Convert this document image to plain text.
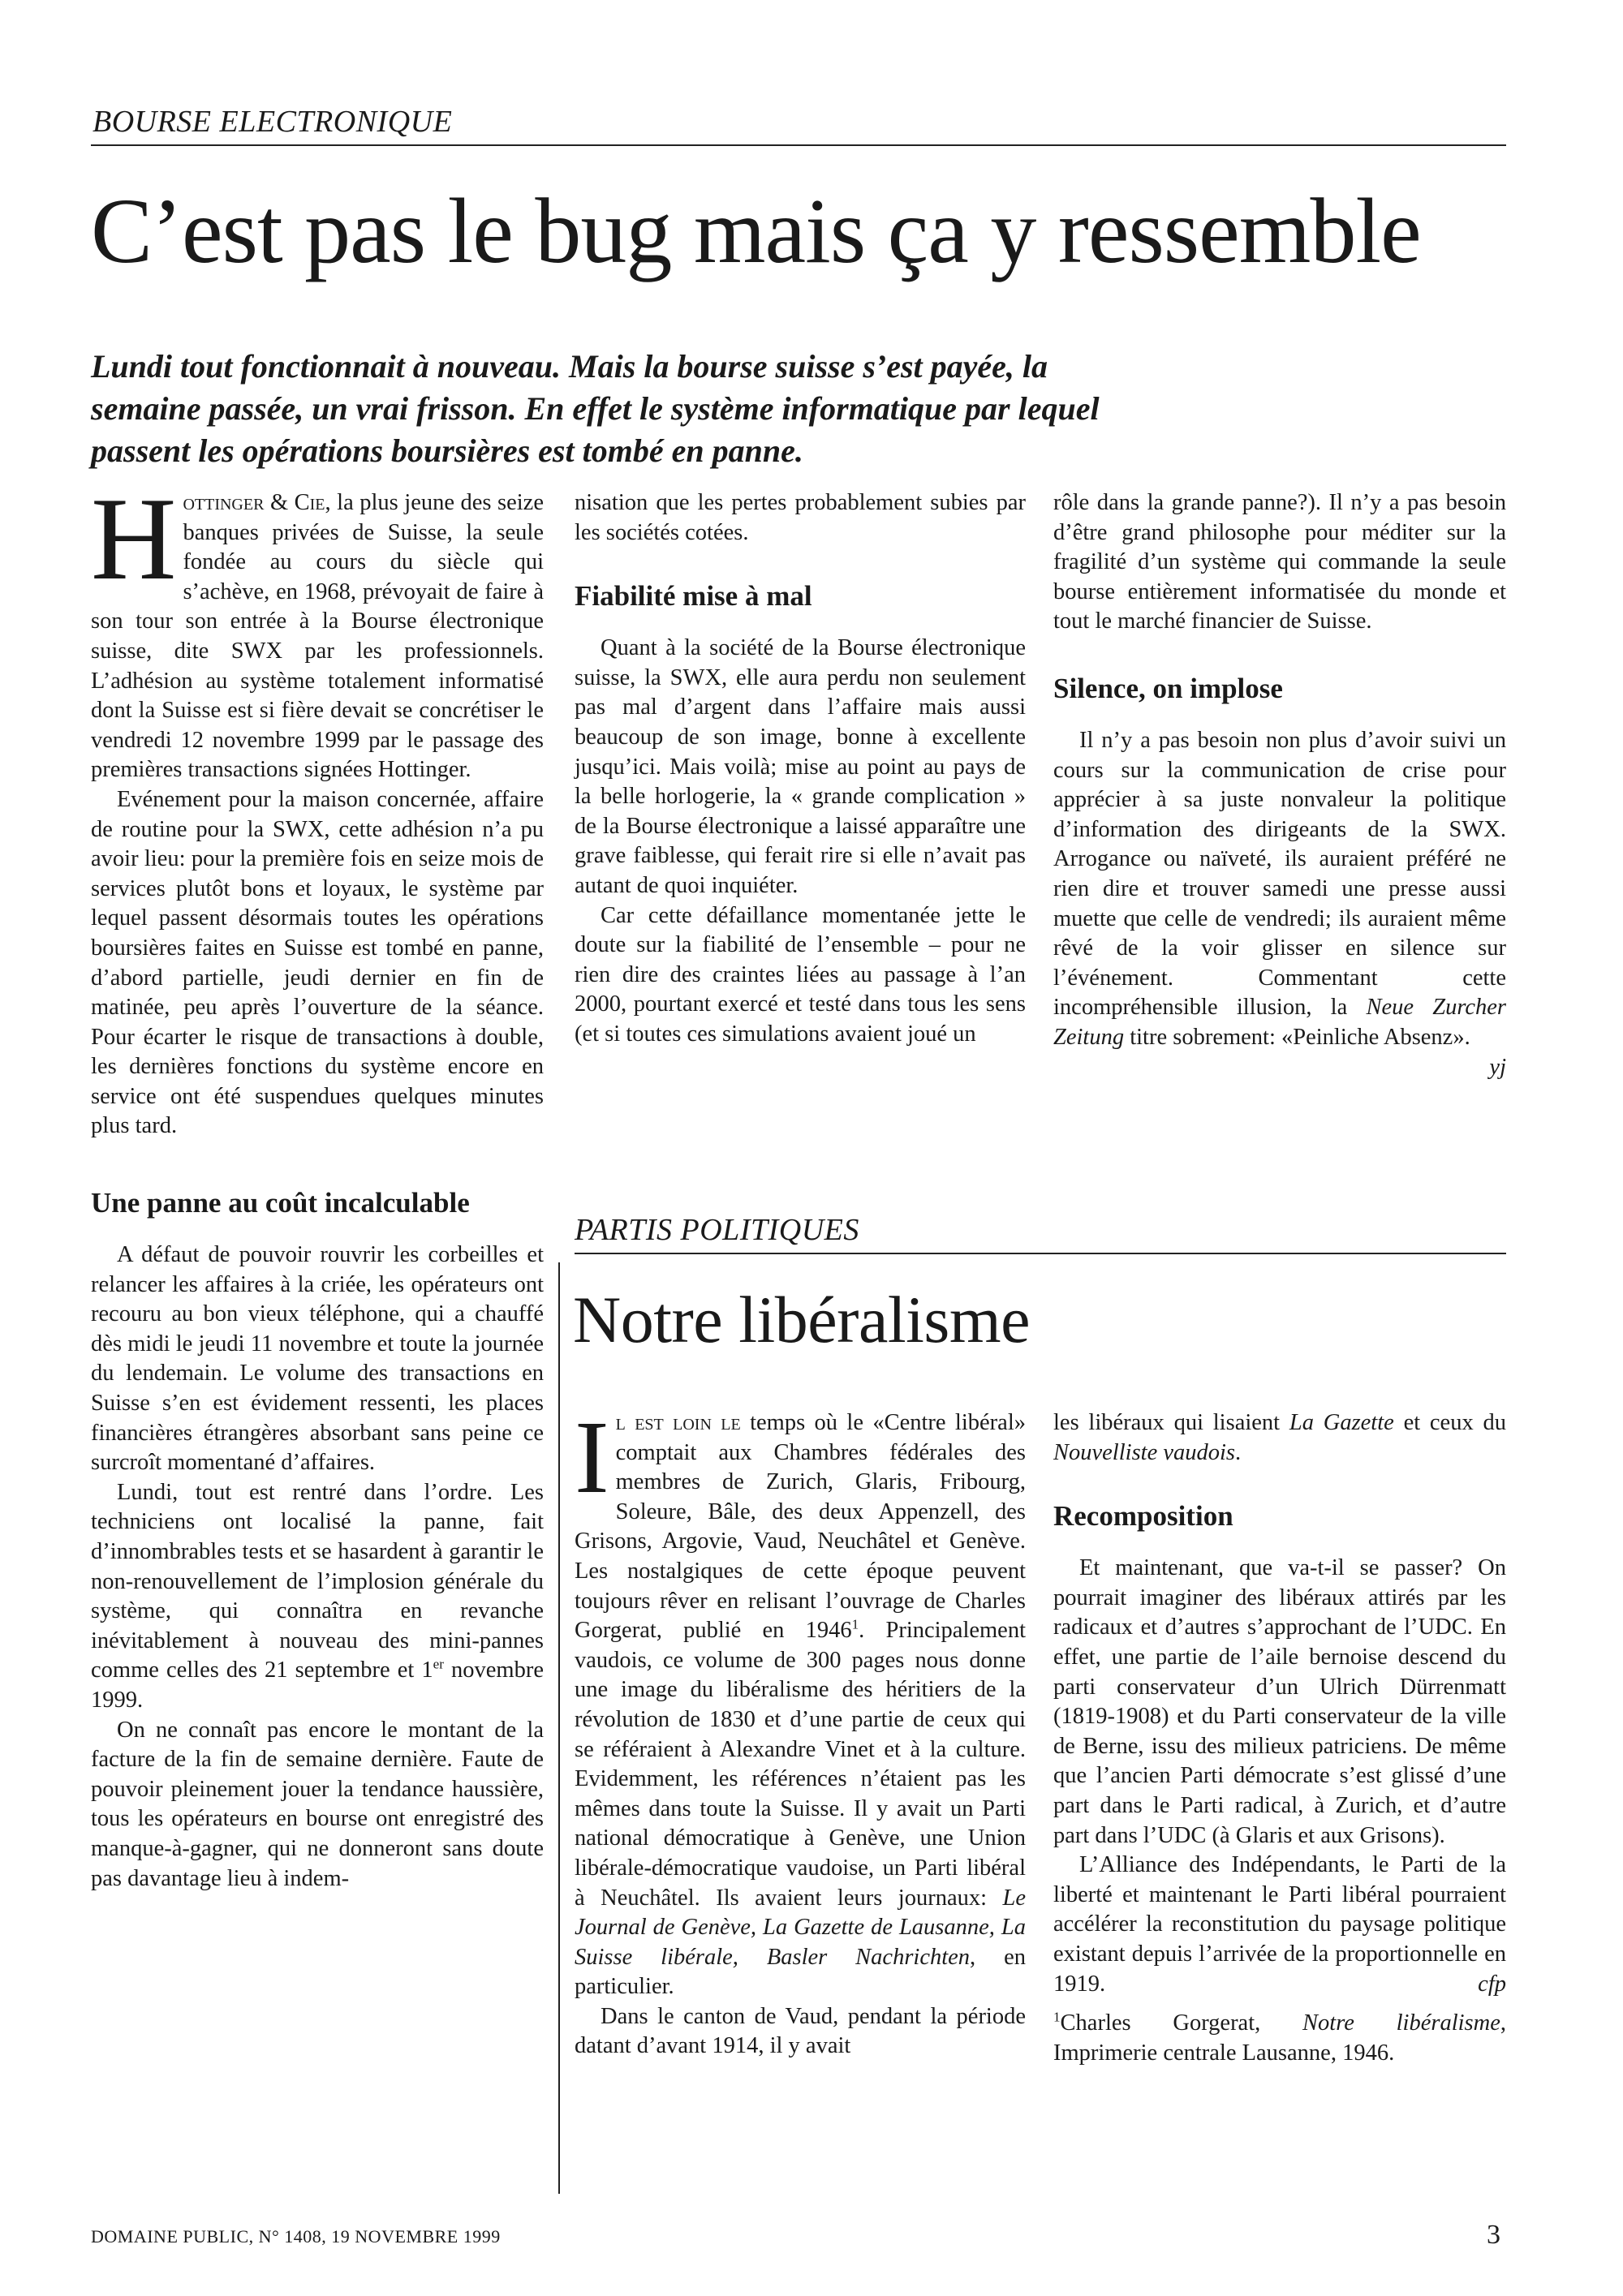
BOURSE ELECTRONIQUE
C’est pas le bug mais ça y ressemble
Lundi tout fonctionnait à nouveau. Mais la bourse suisse s’est payée, la
semaine passée, un vrai frisson. En effet le système informatique par lequel
passent les opérations boursières est tombé en panne.

Hottinger & Cie, la plus jeune des seize banques privées de Suisse, la seule fondée au cours du siècle qui s’achève, en 1968, prévoyait de faire à son tour son entrée à la Bourse électronique suisse, dite SWX par les professionnels. L’adhésion au système totalement informatisé dont la Suisse est si fière devait se concrétiser le vendredi 12 novembre 1999 par le passage des premières transactions signées Hottinger.

Evénement pour la maison concernée, affaire de routine pour la SWX, cette adhésion n’a pu avoir lieu: pour la première fois en seize mois de services plutôt bons et loyaux, le système par lequel passent désormais toutes les opérations boursières faites en Suisse est tombé en panne, d’abord partielle, jeudi dernier en fin de matinée, peu après l’ouverture de la séance. Pour écarter le risque de transactions à double, les dernières fonctions du système encore en service ont été suspendues quelques minutes plus tard.

Une panne au coût incalculable

A défaut de pouvoir rouvrir les corbeilles et relancer les affaires à la criée, les opérateurs ont recouru au bon vieux téléphone, qui a chauffé dès midi le jeudi 11 novembre et toute la journée du lendemain. Le volume des transactions en Suisse s’en est évidement ressenti, les places financières étrangères absorbant sans peine ce surcroît momentané d’affaires.

Lundi, tout est rentré dans l’ordre. Les techniciens ont localisé la panne, fait d’innombrables tests et se hasardent à garantir le non-renouvellement de l’implosion générale du système, qui connaîtra en revanche inévitablement à nouveau des mini-pannes comme celles des 21 septembre et 1er novembre 1999.

On ne connaît pas encore le montant de la facture de la fin de semaine dernière. Faute de pouvoir pleinement jouer la tendance haussière, tous les opérateurs en bourse ont enregistré des manque-à-gagner, qui ne donneront sans doute pas davantage lieu à indem-

nisation que les pertes probablement subies par les sociétés cotées.

Fiabilité mise à mal

Quant à la société de la Bourse électronique suisse, la SWX, elle aura perdu non seulement pas mal d’argent dans l’affaire mais aussi beaucoup de son image, bonne à excellente jusqu’ici. Mais voilà; mise au point au pays de la belle horlogerie, la « grande complication » de la Bourse électronique a laissé apparaître une grave faiblesse, qui ferait rire si elle n’avait pas autant de quoi inquiéter.

Car cette défaillance momentanée jette le doute sur la fiabilité de l’ensemble – pour ne rien dire des craintes liées au passage à l’an 2000, pourtant exercé et testé dans tous les sens (et si toutes ces simulations avaient joué un

rôle dans la grande panne?). Il n’y a pas besoin d’être grand philosophe pour méditer sur la fragilité d’un système qui commande la seule bourse entièrement informatisée du monde et tout le marché financier de Suisse.

Silence, on implose

Il n’y a pas besoin non plus d’avoir suivi un cours sur la communication de crise pour apprécier à sa juste nonvaleur la politique d’information des dirigeants de la SWX. Arrogance ou naïveté, ils auraient préféré ne rien dire et trouver samedi une presse aussi muette que celle de vendredi; ils auraient même rêvé de la voir glisser en silence sur l’événement. Commentant cette incompréhensible illusion, la Neue Zurcher Zeitung titre sobrement: «Peinliche Absenz».
yj

PARTIS POLITIQUES
Notre libéralisme

Il est loin le temps où le «Centre libéral» comptait aux Chambres fédérales des membres de Zurich, Glaris, Fribourg, Soleure, Bâle, des deux Appenzell, des Grisons, Argovie, Vaud, Neuchâtel et Genève. Les nostalgiques de cette époque peuvent toujours rêver en relisant l’ouvrage de Charles Gorgerat, publié en 1946$^1$. Principalement vaudois, ce volume de 300 pages nous donne une image du libéralisme des héritiers de la révolution de 1830 et d’une partie de ceux qui se référaient à Alexandre Vinet et à la culture. Evidemment, les références n’étaient pas les mêmes dans toute la Suisse. Il y avait un Parti national démocratique à Genève, une Union libérale-démocratique vaudoise, un Parti libéral à Neuchâtel. Ils avaient leurs journaux: Le Journal de Genève, La Gazette de Lausanne, La Suisse libérale, Basler Nachrichten, en particulier.

Dans le canton de Vaud, pendant la période datant d’avant 1914, il y avait

les libéraux qui lisaient La Gazette et ceux du Nouvelliste vaudois.

Recomposition

Et maintenant, que va-t-il se passer? On pourrait imaginer des libéraux attirés par les radicaux et d’autres s’approchant de l’UDC. En effet, une partie de l’aile bernoise descend du parti conservateur d’un Ulrich Dürrenmatt (1819-1908) et du Parti conservateur de la ville de Berne, issu des milieux patriciens. De même que l’ancien Parti démocrate s’est glissé d’une part dans le Parti radical, à Zurich, et d’autre part dans l’UDC (à Glaris et aux Grisons).

L’Alliance des Indépendants, le Parti de la liberté et maintenant le Parti libéral pourraient accélérer la reconstitution du paysage politique existant depuis l’arrivée de la proportionnelle en 1919.	cfp

$^1$Charles Gorgerat, Notre libéralisme, Imprimerie centrale Lausanne, 1946.

DOMAINE PUBLIC, N° 1408, 19 NOVEMBRE 1999	3
